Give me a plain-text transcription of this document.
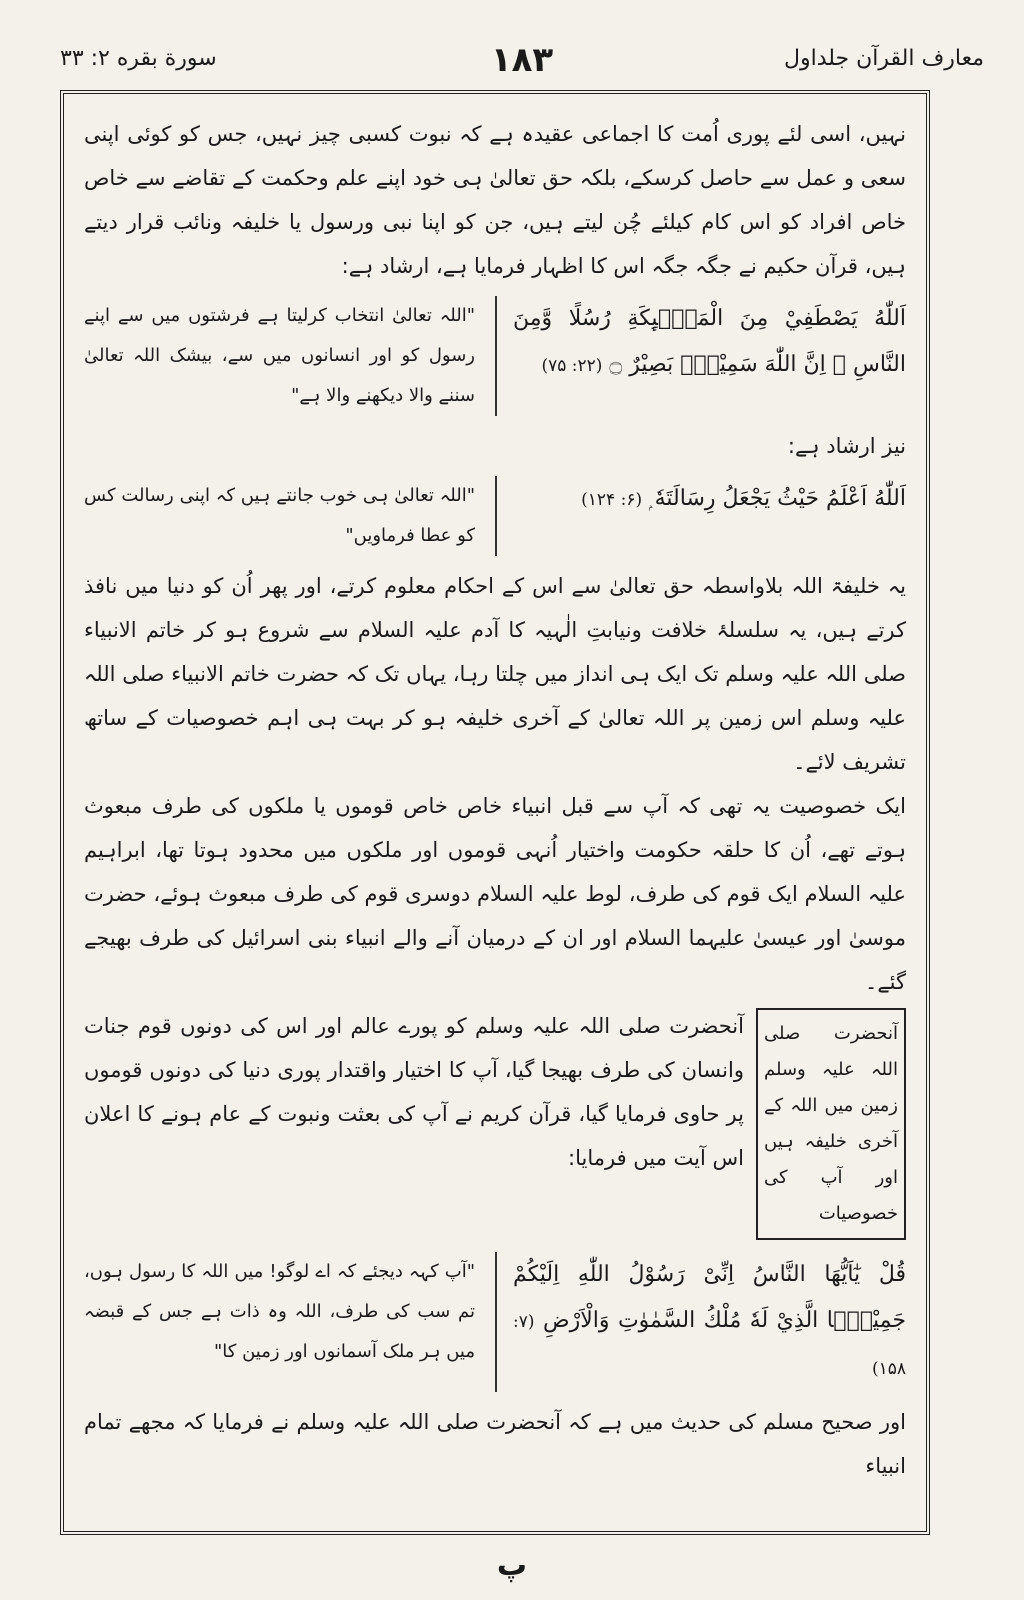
معارف القرآن جلداول
١٨٣
سورة بقره ۲: ۳۳

نہیں، اسی لئے پوری اُمت کا اجماعی عقیدہ ہے کہ نبوت کسبی چیز نہیں، جس کو کوئی اپنی سعی و عمل سے حاصل کرسکے، بلکہ حق تعالیٰ ہی خود اپنے علم وحکمت کے تقاضے سے خاص خاص افراد کو اس کام کیلئے چُن لیتے ہیں، جن کو اپنا نبی ورسول یا خلیفہ ونائب قرار دیتے ہیں، قرآن حکیم نے جگہ جگہ اس کا اظہار فرمایا ہے، ارشاد ہے:

اَللّٰهُ يَصْطَفِيْ مِنَ الْمَلٰۗىِٕكَةِ رُسُلًا وَّمِنَ النَّاسِ ۭ اِنَّ اللّٰهَ سَمِيْعٌۢ بَصِيْرٌ ۝ (۲۲: ۷۵)
"اللہ تعالیٰ انتخاب کرلیتا ہے فرشتوں میں سے اپنے رسول کو اور انسانوں میں سے، بیشک اللہ تعالیٰ سننے والا دیکھنے والا ہے"

نیز ارشاد ہے:

اَللّٰهُ اَعْلَمُ حَيْثُ يَجْعَلُ رِسَالَتَهٗ ۭ (۶: ۱۲۴)
"اللہ تعالیٰ ہی خوب جانتے ہیں کہ اپنی رسالت کس کو عطا فرماویں"

یہ خلیفۃ اللہ بلاواسطہ حق تعالیٰ سے اس کے احکام معلوم کرتے، اور پھر اُن کو دنیا میں نافذ کرتے ہیں، یہ سلسلۂ خلافت ونیابتِ الٰہیہ کا آدم علیہ السلام سے شروع ہو کر خاتم الانبیاء صلی اللہ علیہ وسلم تک ایک ہی انداز میں چلتا رہا، یہاں تک کہ حضرت خاتم الانبیاء صلی اللہ علیہ وسلم اس زمین پر اللہ تعالیٰ کے آخری خلیفہ ہو کر بہت ہی اہم خصوصیات کے ساتھ تشریف لائے۔

ایک خصوصیت یہ تھی کہ آپ سے قبل انبیاء خاص خاص قوموں یا ملکوں کی طرف مبعوث ہوتے تھے، اُن کا حلقہ حکومت واختیار اُنہی قوموں اور ملکوں میں محدود ہوتا تھا، ابراہیم علیہ السلام ایک قوم کی طرف، لوط علیہ السلام دوسری قوم کی طرف مبعوث ہوئے، حضرت موسیٰ اور عیسیٰ علیہما السلام اور ان کے درمیان آنے والے انبیاء بنی اسرائیل کی طرف بھیجے گئے۔

آنحضرت صلی اللہ علیہ وسلم زمین میں اللہ کے آخری خلیفہ ہیں اور آپ کی خصوصیات

آنحضرت صلی اللہ علیہ وسلم کو پورے عالم اور اس کی دونوں قوم جنات وانسان کی طرف بھیجا گیا، آپ کا اختیار واقتدار پوری دنیا کی دونوں قوموں پر حاوی فرمایا گیا، قرآن کریم نے آپ کی بعثت ونبوت کے عام ہونے کا اعلان اس آیت میں فرمایا:

قُلْ يٰٓاَيُّھَا النَّاسُ اِنِّىْ رَسُوْلُ اللّٰهِ اِلَيْكُمْ جَمِيْعَۨا الَّذِيْ لَهٗ مُلْكُ السَّمٰوٰتِ وَالْاَرْضِ (۷: ۱۵۸)
"آپ کہہ دیجئے کہ اے لوگو! میں اللہ کا رسول ہوں، تم سب کی طرف، اللہ وہ ذات ہے جس کے قبضہ میں ہر ملک آسمانوں اور زمین کا"

اور صحیح مسلم کی حدیث میں ہے کہ آنحضرت صلی اللہ علیہ وسلم نے فرمایا کہ مجھے تمام انبیاء

پ
